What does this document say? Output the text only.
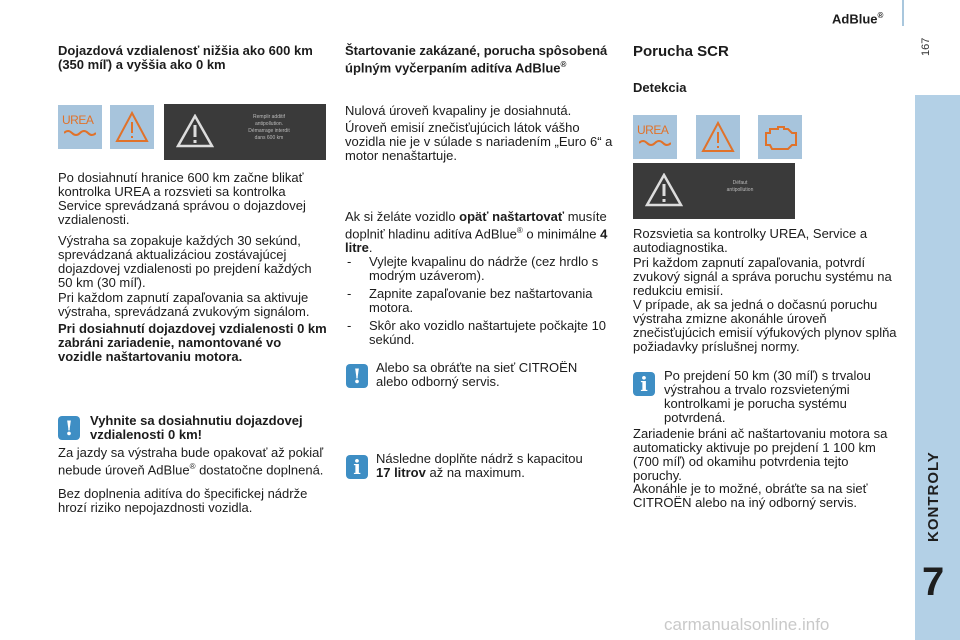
AdBlue®
167
KONTROLY
7
Dojazdová vzdialenosť nižšia ako 600 km (350 míľ) a vyššia ako 0 km
UREA	Remplir additif
antipollution.
Démarrage interdit
dans 600 km
Po dosiahnutí hranice 600 km začne blikať kontrolka UREA a rozsvieti sa kontrolka Service sprevádzaná správou o dojazdovej vzdialenosti.
Výstraha sa zopakuje každých 30 sekúnd, sprevádzaná aktualizáciou zostávajúcej dojazdovej vzdialenosti po prejdení každých 50 km (30 míľ).
Pri každom zapnutí zapaľovania sa aktivuje výstraha, sprevádzaná zvukovým signálom.
Pri dosiahnutí dojazdovej vzdialenosti 0 km zabráni zariadenie, namontované vo vozidle naštartovaniu motora.
!	Vyhnite sa dosiahnutiu dojazdovej vzdialenosti 0 km!
Za jazdy sa výstraha bude opakovať až pokiaľ nebude úroveň AdBlue® dostatočne doplnená.
Bez doplnenia aditíva do špecifickej nádrže hrozí riziko nepojazdnosti vozidla.
Štartovanie zakázané, porucha spôsobená úplným vyčerpaním aditíva AdBlue®
Nulová úroveň kvapaliny je dosiahnutá.
Úroveň emisií znečisťujúcich látok vášho vozidla nie je v súlade s nariadením „Euro 6“ a motor nenaštartuje.
Ak si želáte vozidlo opäť naštartovať musíte doplniť hladinu aditíva AdBlue® o minimálne 4 litre.
- Vylejte kvapalinu do nádrže (cez hrdlo s modrým uzáverom).
- Zapnite zapaľovanie bez naštartovania motora.
- Skôr ako vozidlo naštartujete počkajte 10 sekúnd.
!	Alebo sa obráťte na sieť CITROËN alebo odborný servis.
i	Následne doplňte nádrž s kapacitou 17 litrov až na maximum.
Porucha SCR
Detekcia
UREA
Défaut
antipollution
Rozsvietia sa kontrolky UREA, Service a autodiagnostika.
Pri každom zapnutí zapaľovania, potvrdí zvukový signál a správa poruchu systému na redukciu emisií.
V prípade, ak sa jedná o dočasnú poruchu výstraha zmizne akonáhle úroveň znečisťujúcich emisií výfukových plynov splňa požiadavky príslušnej normy.
i	Po prejdení 50 km (30 míľ) s trvalou výstrahou a trvalo rozsvietenými kontrolkami je porucha systému potvrdená.
Zariadenie bráni ač naštartovaniu motora sa automaticky aktivuje po prejdení 1 100 km (700 míľ) od okamihu potvrdenia tejto poruchy.
Akonáhle je to možné, obráťte sa na sieť CITROËN alebo na iný odborný servis.
carmanualsonline.info
